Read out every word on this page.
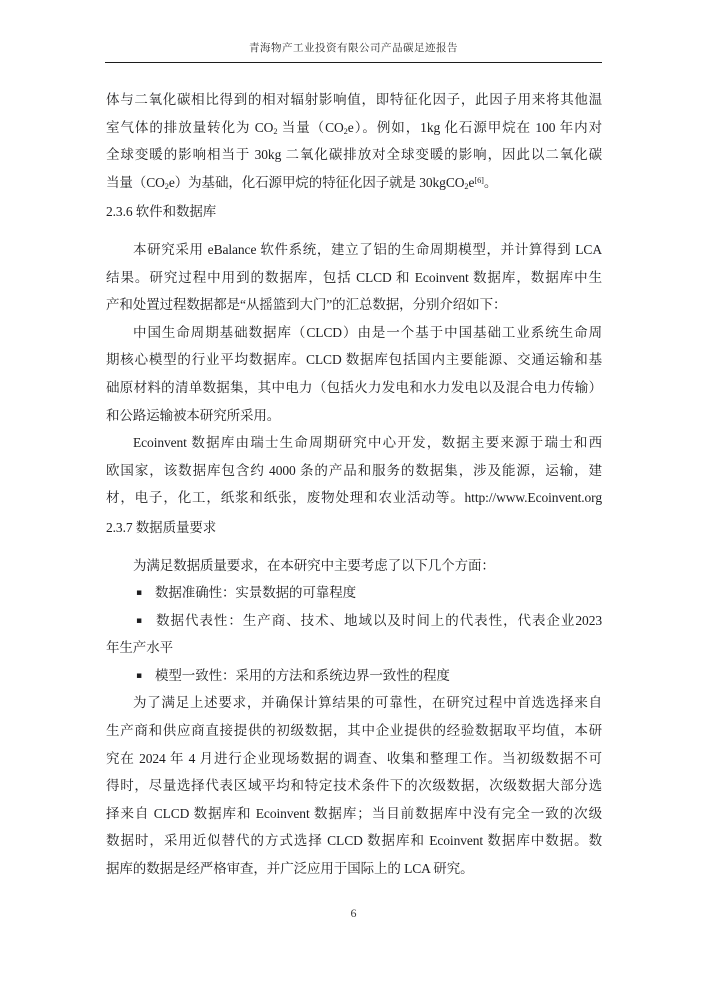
青海物产工业投资有限公司产品碳足迹报告
体与二氧化碳相比得到的相对辐射影响值，即特征化因子，此因子用来将其他温
室气体的排放量转化为 $CO_2$ 当量$(CO_2e)$。例如，1kg 化石源甲烷在 100 年内对
全球变暖的影响相当于 30kg 二氧化碳排放对全球变暖的影响，因此以二氧化碳
当量$(CO_2e)$为基础，化石源甲烷的特征化因子就是 30kgCO$_2$e[6]。
2.3.6 软件和数据库
本研究采用 eBalance 软件系统，建立了铝的生命周期模型，并计算得到 LCA
结果。研究过程中用到的数据库，包括 CLCD 和 Ecoinvent 数据库，数据库中生
产和处置过程数据都是“从摇篮到大门”的汇总数据，分别介绍如下：
中国生命周期基础数据库（CLCD）由是一个基于中国基础工业系统生命周
期核心模型的行业平均数据库。CLCD 数据库包括国内主要能源、交通运输和基
础原材料的清单数据集，其中电力（包括火力发电和水力发电以及混合电力传输）
和公路运输被本研究所采用。
Ecoinvent 数据库由瑞士生命周期研究中心开发，数据主要来源于瑞士和西
欧国家，该数据库包含约 4000 条的产品和服务的数据集，涉及能源，运输，建
材，电子，化工，纸浆和纸张，废物处理和农业活动等。http://www.Ecoinvent.org
2.3.7 数据质量要求
为满足数据质量要求，在本研究中主要考虑了以下几个方面：
▪ 数据准确性：实景数据的可靠程度
▪ 数据代表性：生产商、技术、地域以及时间上的代表性，代表企业2023
年生产水平
▪ 模型一致性：采用的方法和系统边界一致性的程度
为了满足上述要求，并确保计算结果的可靠性，在研究过程中首选选择来自
生产商和供应商直接提供的初级数据，其中企业提供的经验数据取平均值，本研
究在 2024 年 4 月进行企业现场数据的调查、收集和整理工作。当初级数据不可
得时，尽量选择代表区域平均和特定技术条件下的次级数据，次级数据大部分选
择来自 CLCD 数据库和 Ecoinvent 数据库；当目前数据库中没有完全一致的次级
数据时，采用近似替代的方式选择 CLCD 数据库和 Ecoinvent 数据库中数据。数
据库的数据是经严格审查，并广泛应用于国际上的 LCA 研究。
6
